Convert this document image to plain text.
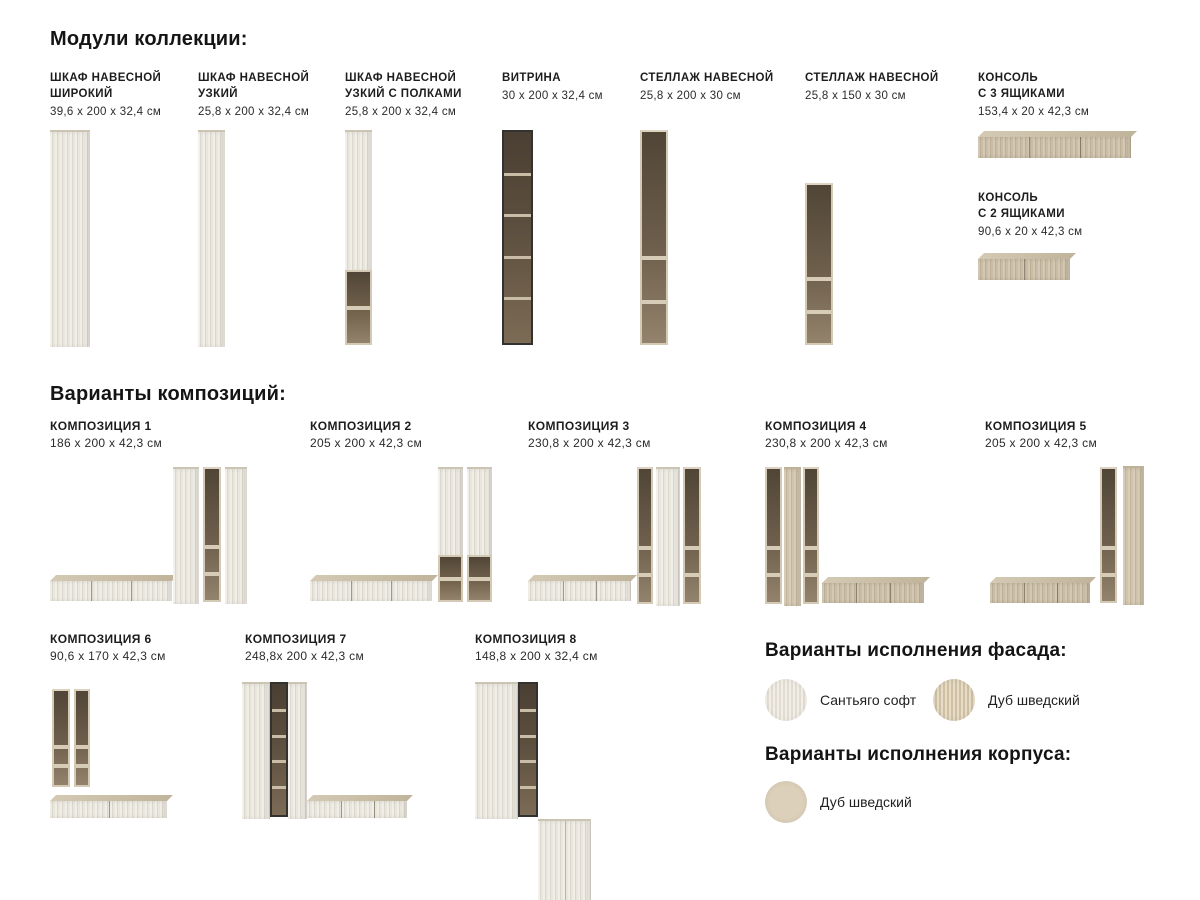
Модули коллекции:
ШКАФ НАВЕСНОЙ
ШИРОКИЙ
39,6 x 200 x 32,4 см
ШКАФ НАВЕСНОЙ
УЗКИЙ
25,8 x 200 x 32,4 см
ШКАФ НАВЕСНОЙ
УЗКИЙ С ПОЛКАМИ
25,8 x 200 x 32,4 см
ВИТРИНА
30 x 200 x 32,4 см
СТЕЛЛАЖ НАВЕСНОЙ
25,8 x 200 x 30 см
СТЕЛЛАЖ НАВЕСНОЙ
25,8 x 150 x 30 см
КОНСОЛЬ
С 3 ЯЩИКАМИ
153,4 x 20 x 42,3 см
КОНСОЛЬ
С 2 ЯЩИКАМИ
90,6 x 20 x 42,3 см
Варианты композиций:
КОМПОЗИЦИЯ 1
186 x 200 x 42,3 см
КОМПОЗИЦИЯ 2
205 x 200 x 42,3 см
КОМПОЗИЦИЯ 3
230,8 x 200 x 42,3 см
КОМПОЗИЦИЯ 4
230,8 x 200 x 42,3 см
КОМПОЗИЦИЯ 5
205 x 200 x 42,3 см
КОМПОЗИЦИЯ 6
90,6 x 170 x 42,3 см
КОМПОЗИЦИЯ 7
248,8x 200 x 42,3 см
КОМПОЗИЦИЯ 8
148,8 x 200 x 32,4 см	Варианты исполнения фасада:
Сантьяго софт	Дуб шведский
Варианты исполнения корпуса:
Дуб шведский
